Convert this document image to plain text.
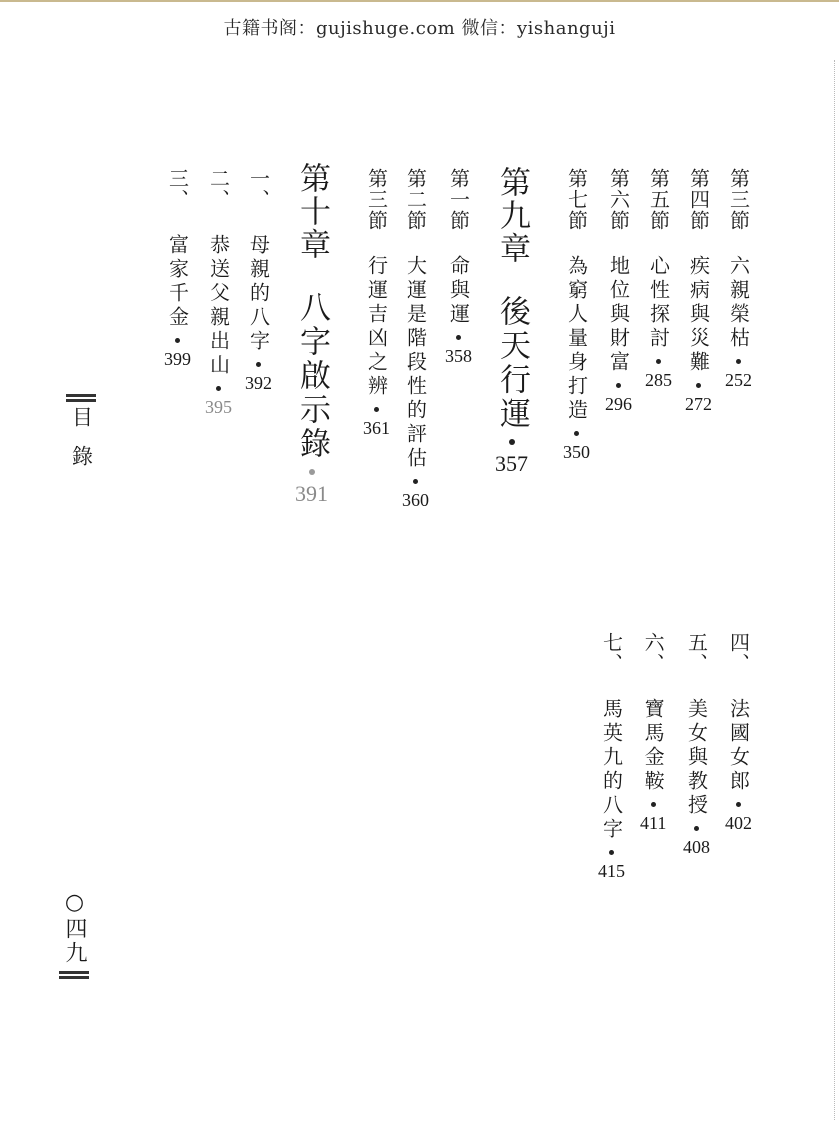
古籍书阁：gujishuge.com 微信：yishanguji
第三節
六親榮枯
252
第四節
疾病與災難
272
第五節
心性探討
285
第六節
地位與財富
296
第七節
為窮人量身打造
350
第九章
後天行運
357
第一節
命與運
358
第二節
大運是階段性的評估
360
第三節
行運吉凶之辨
361
第十章
八字啟示錄
391
一、
母親的八字
392
二、
恭送父親出山
395
三、
富家千金
399
四、
法國女郎
402
五、
美女與教授
408
六、
寶馬金鞍
411
七、
馬英九的八字
415
目錄
○四九
